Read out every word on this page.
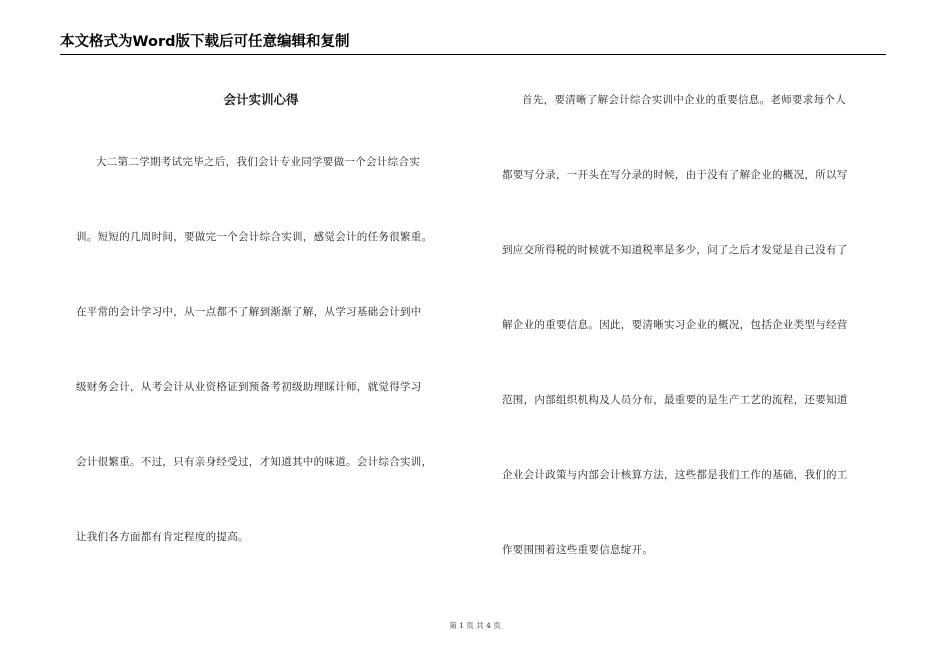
本文格式为Word版下载后可任意编辑和复制
会计实训心得
大二第二学期考试完毕之后，我们会计专业同学要做一个会计综合实
训。短短的几周时间，要做完一个会计综合实训，感觉会计的任务很繁重。
在平常的会计学习中，从一点都不了解到渐渐了解，从学习基础会计到中
级财务会计，从考会计从业资格证到预备考初级助理睬计师，就觉得学习
会计很繁重。不过，只有亲身经受过，才知道其中的味道。会计综合实训，
让我们各方面都有肯定程度的提高。
首先，要清晰了解会计综合实训中企业的重要信息。老师要求每个人
都要写分录，一开头在写分录的时候，由于没有了解企业的概况，所以写
到应交所得税的时候就不知道税率是多少，问了之后才发觉是自己没有了
解企业的重要信息。因此，要清晰实习企业的概况，包括企业类型与经营
范围，内部组织机构及人员分布，最重要的是生产工艺的流程，还要知道
企业会计政策与内部会计核算方法，这些都是我们工作的基础，我们的工
作要围围着这些重要信息绽开。
第 1 页 共 4 页
